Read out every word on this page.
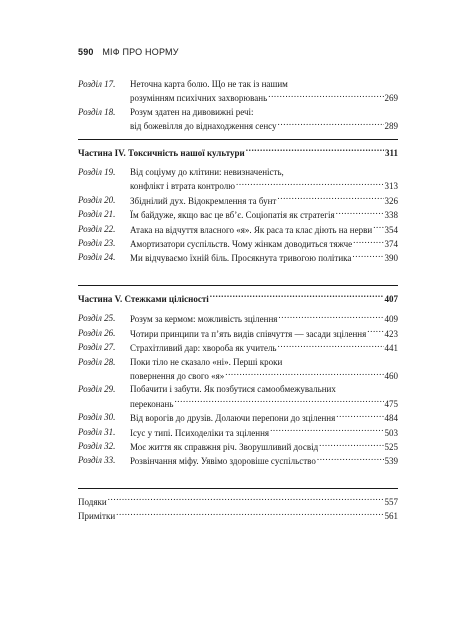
590 МІФ ПРО НОРМУ
Розділ 17.	Неточна карта болю. Що не так із нашим
розумінням психічних захворювань .....	269
Розділ 18.	Розум здатен на дивовижні речі:
від божевілля до віднаходження сенсу .....	289
Частина IV. Токсичність нашої культури .....	311
Розділ 19.	Від соціуму до клітини: невизначеність,
конфлікт і втрата контролю .....	313
Розділ 20.	Збіднілий дух. Відокремлення та бунт .....	326
Розділ 21.	Їм байдуже, якщо вас це вб’є. Соціопатія як стратегія .....	338
Розділ 22.	Атака на відчуття власного «я». Як раса та клас діють на нерви ..... 354
Розділ 23.	Амортизатори суспільств. Чому жінкам доводиться тяжче .....	374
Розділ 24.	Ми відчуваємо їхній біль. Просякнута тривогою політика .....	390
Частина V. Стежками цілісності .....	407
Розділ 25.	Розум за кермом: можливість зцілення .....	409
Розділ 26.	Чотири принципи та п’ять видів співчуття — засади зцілення ..... 423
Розділ 27.	Страхітливий дар: хвороба як учитель .....	441
Розділ 28.	Поки тіло не сказало «ні». Перші кроки
повернення до свого «я» .....	460
Розділ 29.	Побачити і забути. Як позбутися самообмежувальних
переконань .....	475
Розділ 30.	Від ворогів до друзів. Долаючи перепони до зцілення .....	484
Розділ 31.	Ісус у типі. Психоделіки та зцілення .....	503
Розділ 32.	Моє життя як справжня річ. Зворушливий досвід .....	525
Розділ 33.	Розвінчання міфу. Уявімо здоровіше суспільство .....	539
Подяки .....	557
Примітки .....	561
